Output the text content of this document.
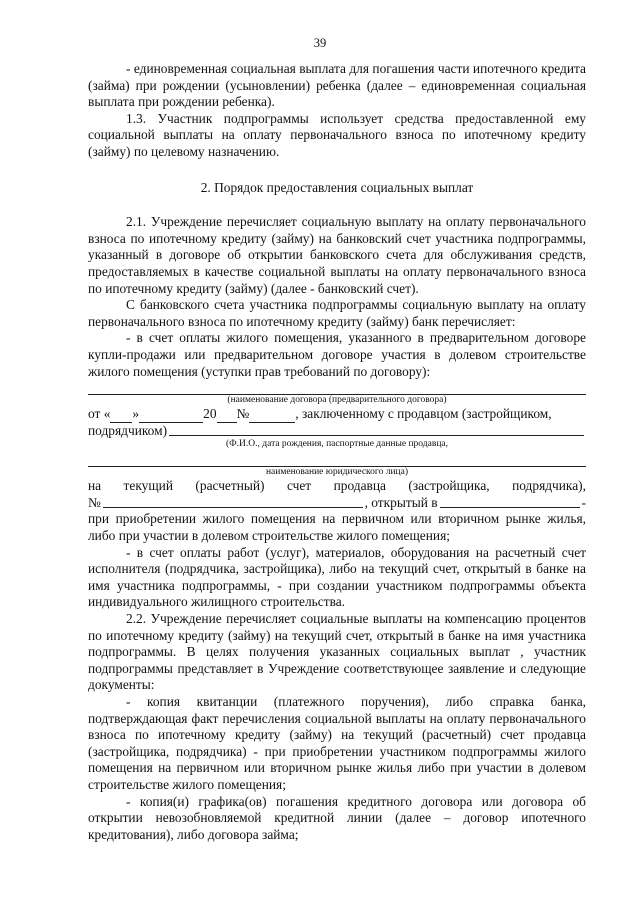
39

- единовременная социальная выплата для погашения части ипотечного кредита (займа) при рождении (усыновлении) ребенка (далее – единовременная социальная выплата при рождении ребенка).

1.3. Участник подпрограммы использует средства предоставленной ему социальной выплаты на оплату первоначального взноса по ипотечному кредиту (займу) по целевому назначению.

2. Порядок предоставления социальных выплат

2.1. Учреждение перечисляет социальную выплату на оплату первоначального взноса по ипотечному кредиту (займу) на банковский счет участника подпрограммы, указанный в договоре об открытии банковского счета для обслуживания средств, предоставляемых в качестве социальной выплаты на оплату первоначального взноса по ипотечному кредиту (займу) (далее - банковский счет).

С банковского счета участника подпрограммы социальную выплату на оплату первоначального взноса по ипотечному кредиту (займу) банк перечисляет:

- в счет оплаты жилого помещения, указанного в предварительном договоре купли-продажи или предварительном договоре участия в долевом строительстве жилого помещения (уступки прав требований по договору):

(наименование договора (предварительного договора)

от « »	20 №	, заключенному с продавцом (застройщиком,
подрядчиком)

(Ф.И.О., дата рождения, паспортные данные продавца,

наименование юридического лица)

на текущий (расчетный) счет продавца (застройщика, подрядчика),

№	, открытый в	-

при приобретении жилого помещения на первичном или вторичном рынке жилья, либо при участии в долевом строительстве жилого помещения;

- в счет оплаты работ (услуг), материалов, оборудования на расчетный счет исполнителя (подрядчика, застройщика), либо на текущий счет, открытый в банке на имя участника подпрограммы, - при создании участником подпрограммы объекта индивидуального жилищного строительства.

2.2. Учреждение перечисляет социальные выплаты на компенсацию процентов по ипотечному кредиту (займу) на текущий счет, открытый в банке на имя участника подпрограммы. В целях получения указанных социальных выплат , участник подпрограммы представляет в Учреждение соответствующее заявление и следующие документы:

- копия квитанции (платежного поручения), либо справка банка, подтверждающая факт перечисления социальной выплаты на оплату первоначального взноса по ипотечному кредиту (займу) на текущий (расчетный) счет продавца (застройщика, подрядчика) - при приобретении участником подпрограммы жилого помещения на первичном или вторичном рынке жилья либо при участии в долевом строительстве жилого помещения;

- копия(и) графика(ов) погашения кредитного договора или договора об открытии невозобновляемой кредитной линии (далее – договор ипотечного кредитования), либо договора займа;
